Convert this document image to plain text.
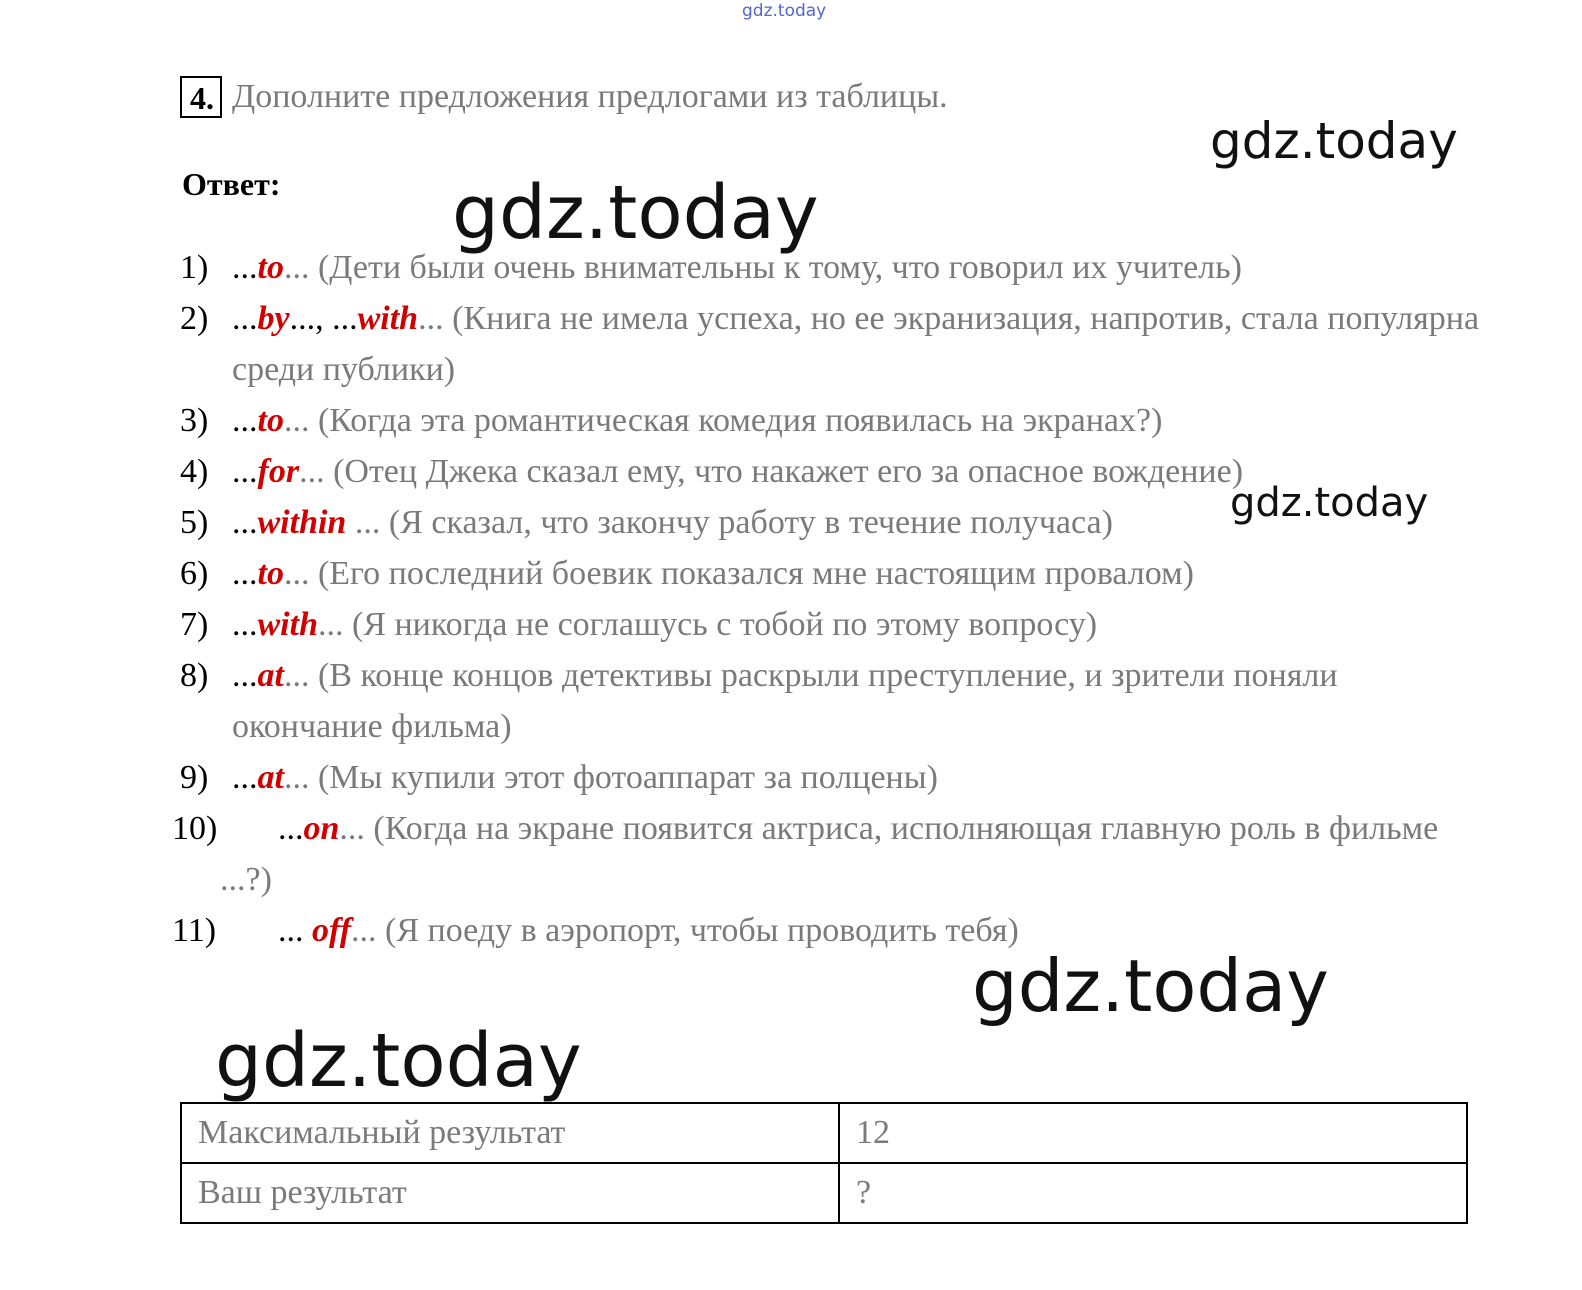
gdz.today
gdz.today
gdz.today
gdz.today
gdz.today
gdz.today
4. Дополните предложения предлогами из таблицы.
Ответ:
1) ...to... (Дети были очень внимательны к тому, что говорил их учитель)
2) ...by..., ...with... (Книга не имела успеха, но ее экранизация, напротив, стала популярна среди публики)
3) ...to... (Когда эта романтическая комедия появилась на экранах?)
4) ...for... (Отец Джека сказал ему, что накажет его за опасное вождение)
5) ...within ... (Я сказал, что закончу работу в течение получаса)
6) ...to... (Его последний боевик показался мне настоящим провалом)
7) ...with... (Я никогда не соглашусь с тобой по этому вопросу)
8) ...at... (В конце концов детективы раскрыли преступление, и зрители поняли окончание фильма)
9) ...at... (Мы купили этот фотоаппарат за полцены)
10)	...on... (Когда на экране появится актриса, исполняющая главную роль в фильме ...?)
11)	... off... (Я поеду в аэропорт, чтобы проводить тебя)
Максимальный результат	12
Ваш результат	?
